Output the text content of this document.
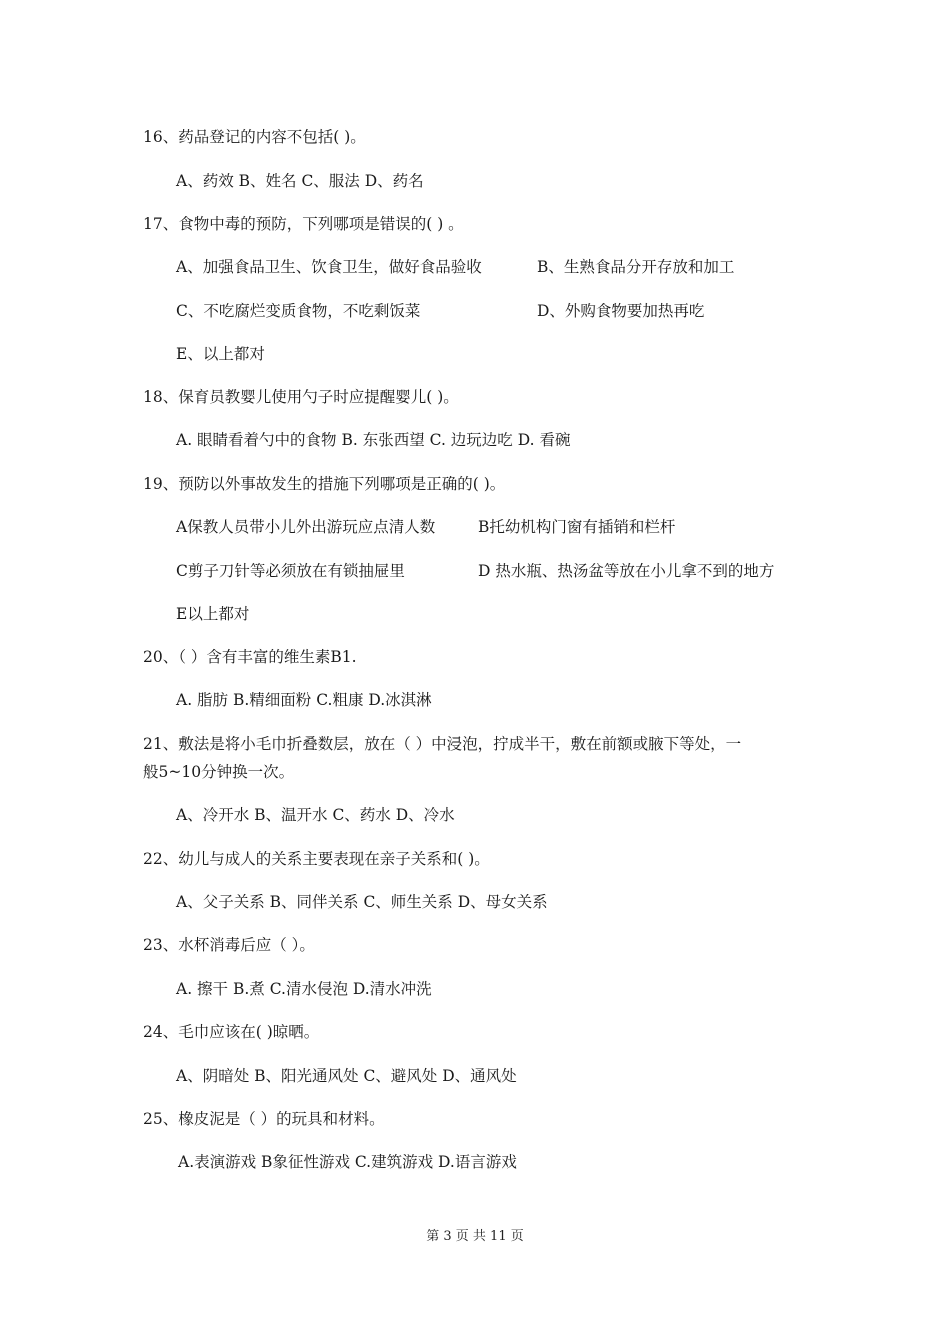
16、药品登记的内容不包括( )。
A、药效 B、姓名 C、服法 D、药名
17、食物中毒的预防，下列哪项是错误的( ) 。
A、加强食品卫生、饮食卫生，做好食品验收	B、生熟食品分开存放和加工
C、不吃腐烂变质食物，不吃剩饭菜	D、外购食物要加热再吃
E、以上都对
18、保育员教婴儿使用勺子时应提醒婴儿( )。
A. 眼睛看着勺中的食物 B. 东张西望 C. 边玩边吃 D. 看碗
19、预防以外事故发生的措施下列哪项是正确的( )。
A保教人员带小儿外出游玩应点清人数	B托幼机构门窗有插销和栏杆
C剪子刀针等必须放在有锁抽屉里	D 热水瓶、热汤盆等放在小儿拿不到的地方
E以上都对
20、（ ）含有丰富的维生素B1.
A. 脂肪 B.精细面粉 C.粗康 D.冰淇淋
21、敷法是将小毛巾折叠数层，放在（ ）中浸泡，拧成半干，敷在前额或腋下等处，一
般5~10分钟换一次。
A、冷开水 B、温开水 C、药水 D、冷水
22、幼儿与成人的关系主要表现在亲子关系和( )。
A、父子关系 B、同伴关系 C、师生关系 D、母女关系
23、水杯消毒后应（ ）。
A. 擦干 B.煮 C.清水侵泡 D.清水冲洗
24、毛巾应该在( )晾晒。
A、阴暗处 B、阳光通风处 C、避风处 D、通风处
25、橡皮泥是（ ）的玩具和材料。
A.表演游戏 B象征性游戏 C.建筑游戏 D.语言游戏
第 3 页 共 11 页
